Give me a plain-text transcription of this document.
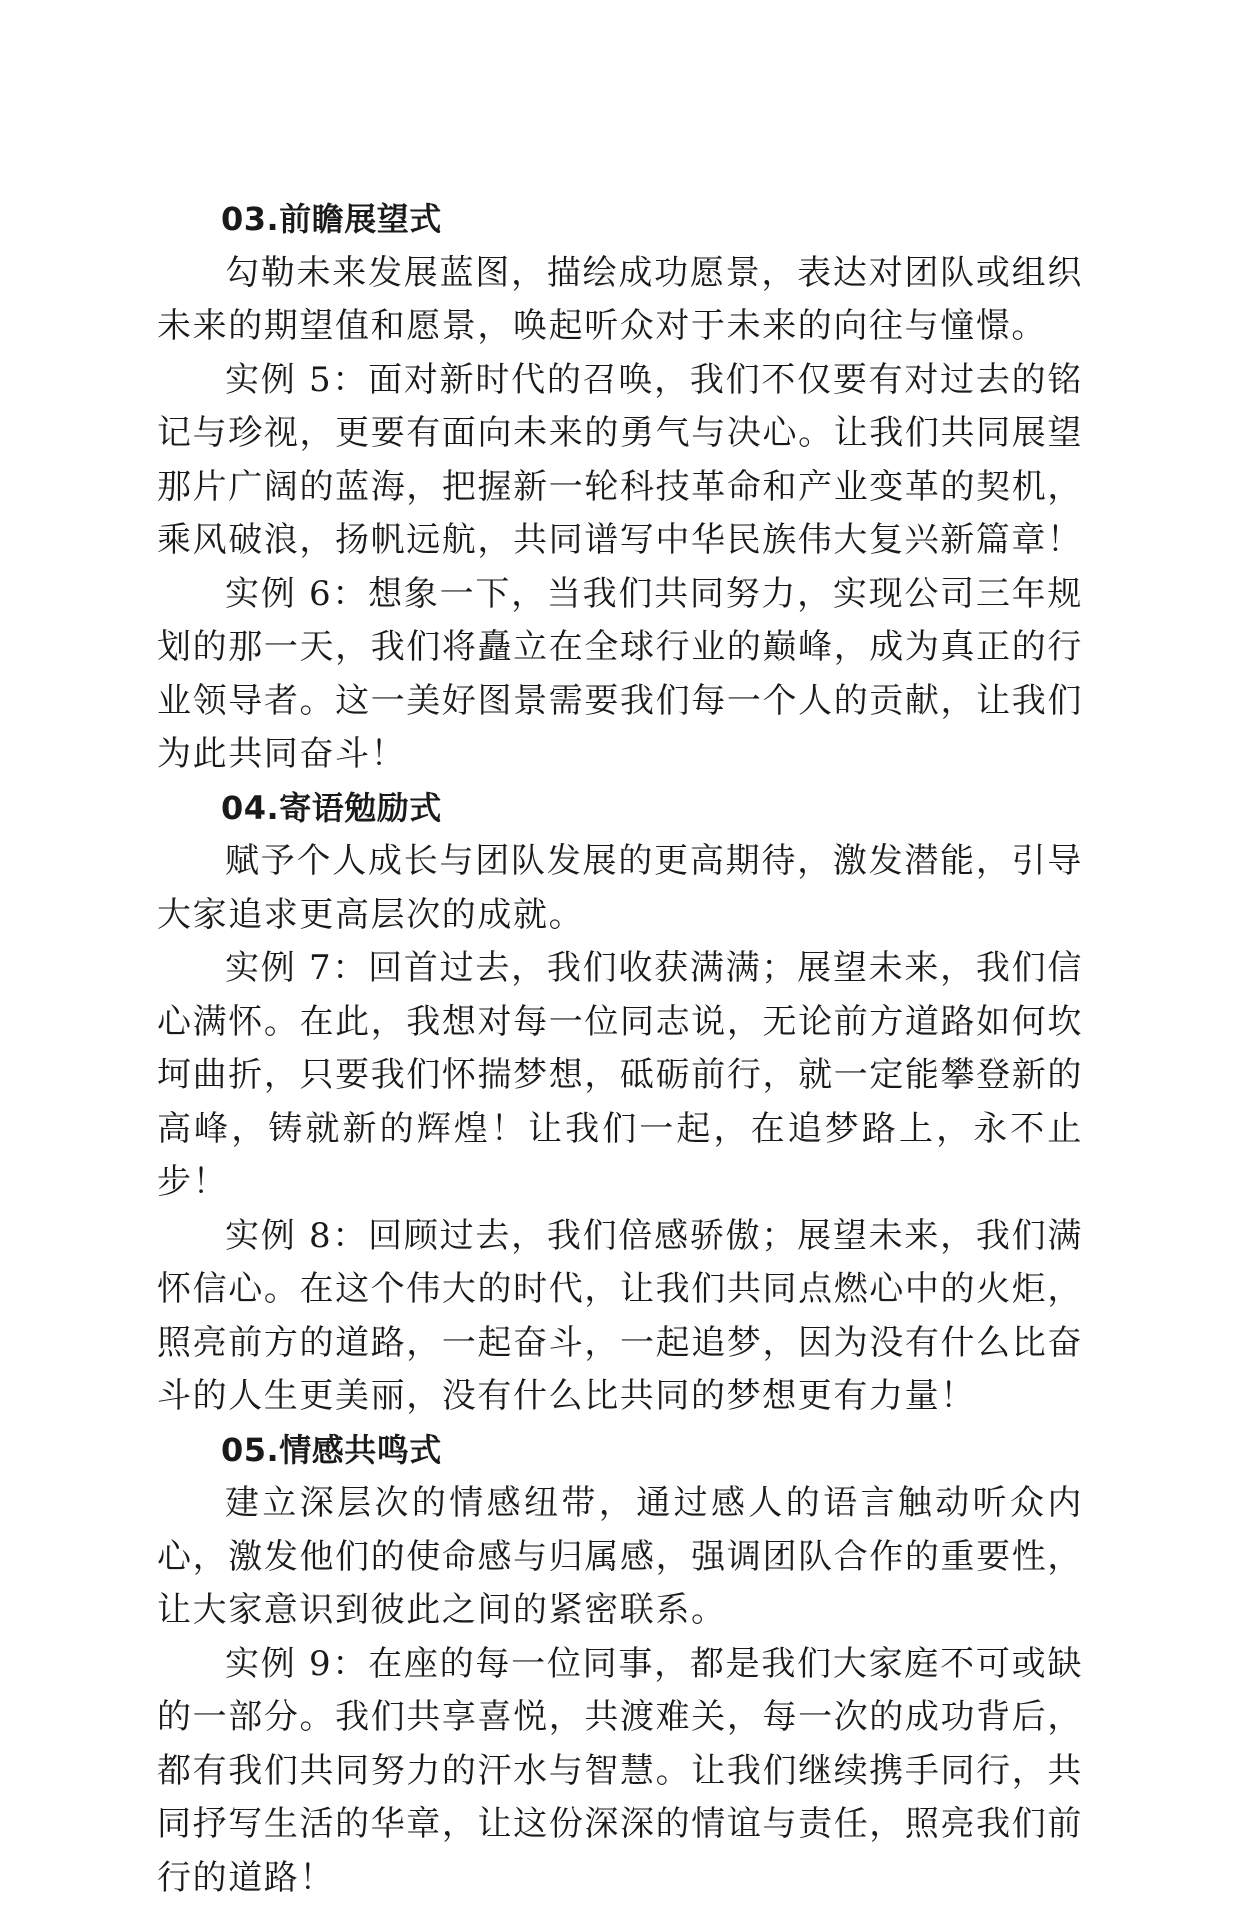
03.前瞻展望式

勾勒未来发展蓝图，描绘成功愿景，表达对团队或组织未来的期望值和愿景，唤起听众对于未来的向往与憧憬。

实例 5：面对新时代的召唤，我们不仅要有对过去的铭记与珍视，更要有面向未来的勇气与决心。让我们共同展望那片广阔的蓝海，把握新一轮科技革命和产业变革的契机，乘风破浪，扬帆远航，共同谱写中华民族伟大复兴新篇章！

实例 6：想象一下，当我们共同努力，实现公司三年规划的那一天，我们将矗立在全球行业的巅峰，成为真正的行业领导者。这一美好图景需要我们每一个人的贡献，让我们为此共同奋斗！

04.寄语勉励式

赋予个人成长与团队发展的更高期待，激发潜能，引导大家追求更高层次的成就。

实例 7：回首过去，我们收获满满；展望未来，我们信心满怀。在此，我想对每一位同志说，无论前方道路如何坎坷曲折，只要我们怀揣梦想，砥砺前行，就一定能攀登新的高峰，铸就新的辉煌！让我们一起，在追梦路上，永不止步！

实例 8：回顾过去，我们倍感骄傲；展望未来，我们满怀信心。在这个伟大的时代，让我们共同点燃心中的火炬，照亮前方的道路，一起奋斗，一起追梦，因为没有什么比奋斗的人生更美丽，没有什么比共同的梦想更有力量！

05.情感共鸣式

建立深层次的情感纽带，通过感人的语言触动听众内心，激发他们的使命感与归属感，强调团队合作的重要性，让大家意识到彼此之间的紧密联系。

实例 9：在座的每一位同事，都是我们大家庭不可或缺的一部分。我们共享喜悦，共渡难关，每一次的成功背后，都有我们共同努力的汗水与智慧。让我们继续携手同行，共同抒写生活的华章，让这份深深的情谊与责任，照亮我们前行的道路！
